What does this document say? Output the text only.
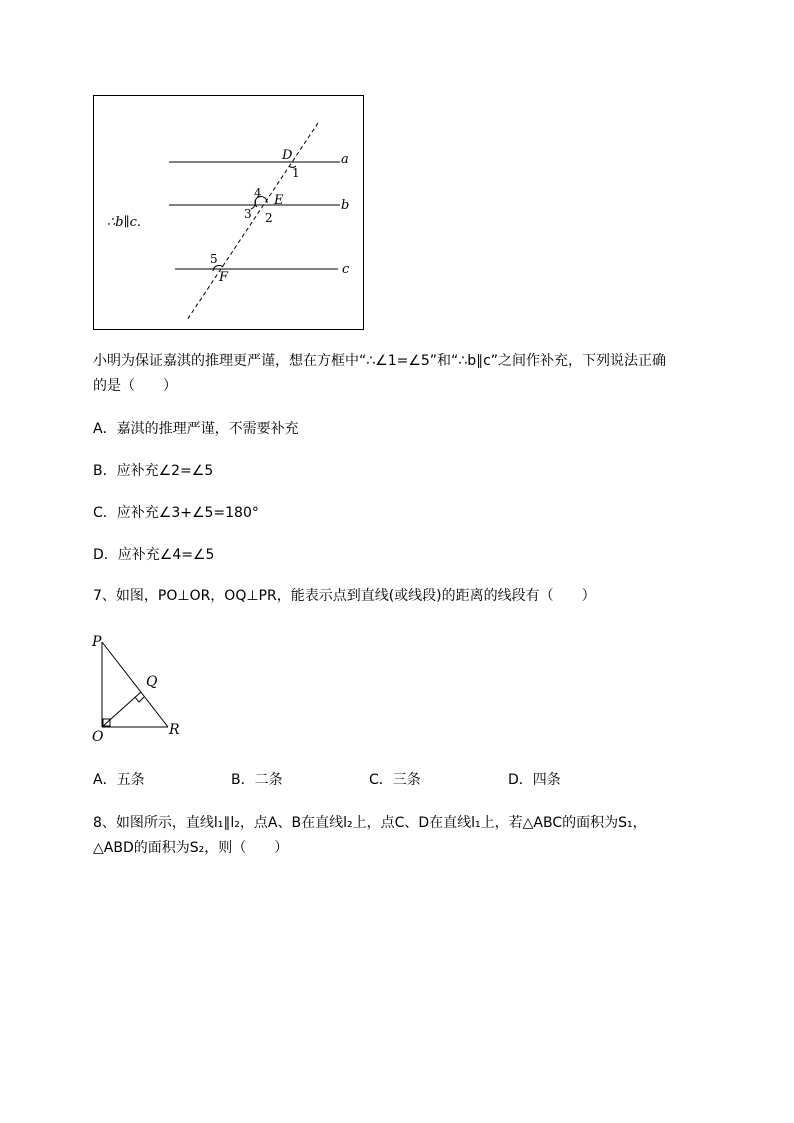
a
b
c
D
E
F
1
2
3
4
5
∴b∥c.
小明为保证嘉淇的推理更严谨，想在方框中“∴∠1=∠5”和“∴b∥c”之间作补充，下列说法正确
的是（　　）
A．嘉淇的推理严谨，不需要补充
B．应补充∠2=∠5
C．应补充∠3+∠5=180°
D．应补充∠4=∠5
7、如图，PO⊥OR，OQ⊥PR，能表示点到直线(或线段)的距离的线段有（　　）
P
Q
O	R
A．五条	B．二条	C．三条	D．四条
8、如图所示，直线l₁∥l₂，点A、B在直线l₂上，点C、D在直线l₁上，若△ABC的面积为S₁，
△ABD的面积为S₂，则（　　）
